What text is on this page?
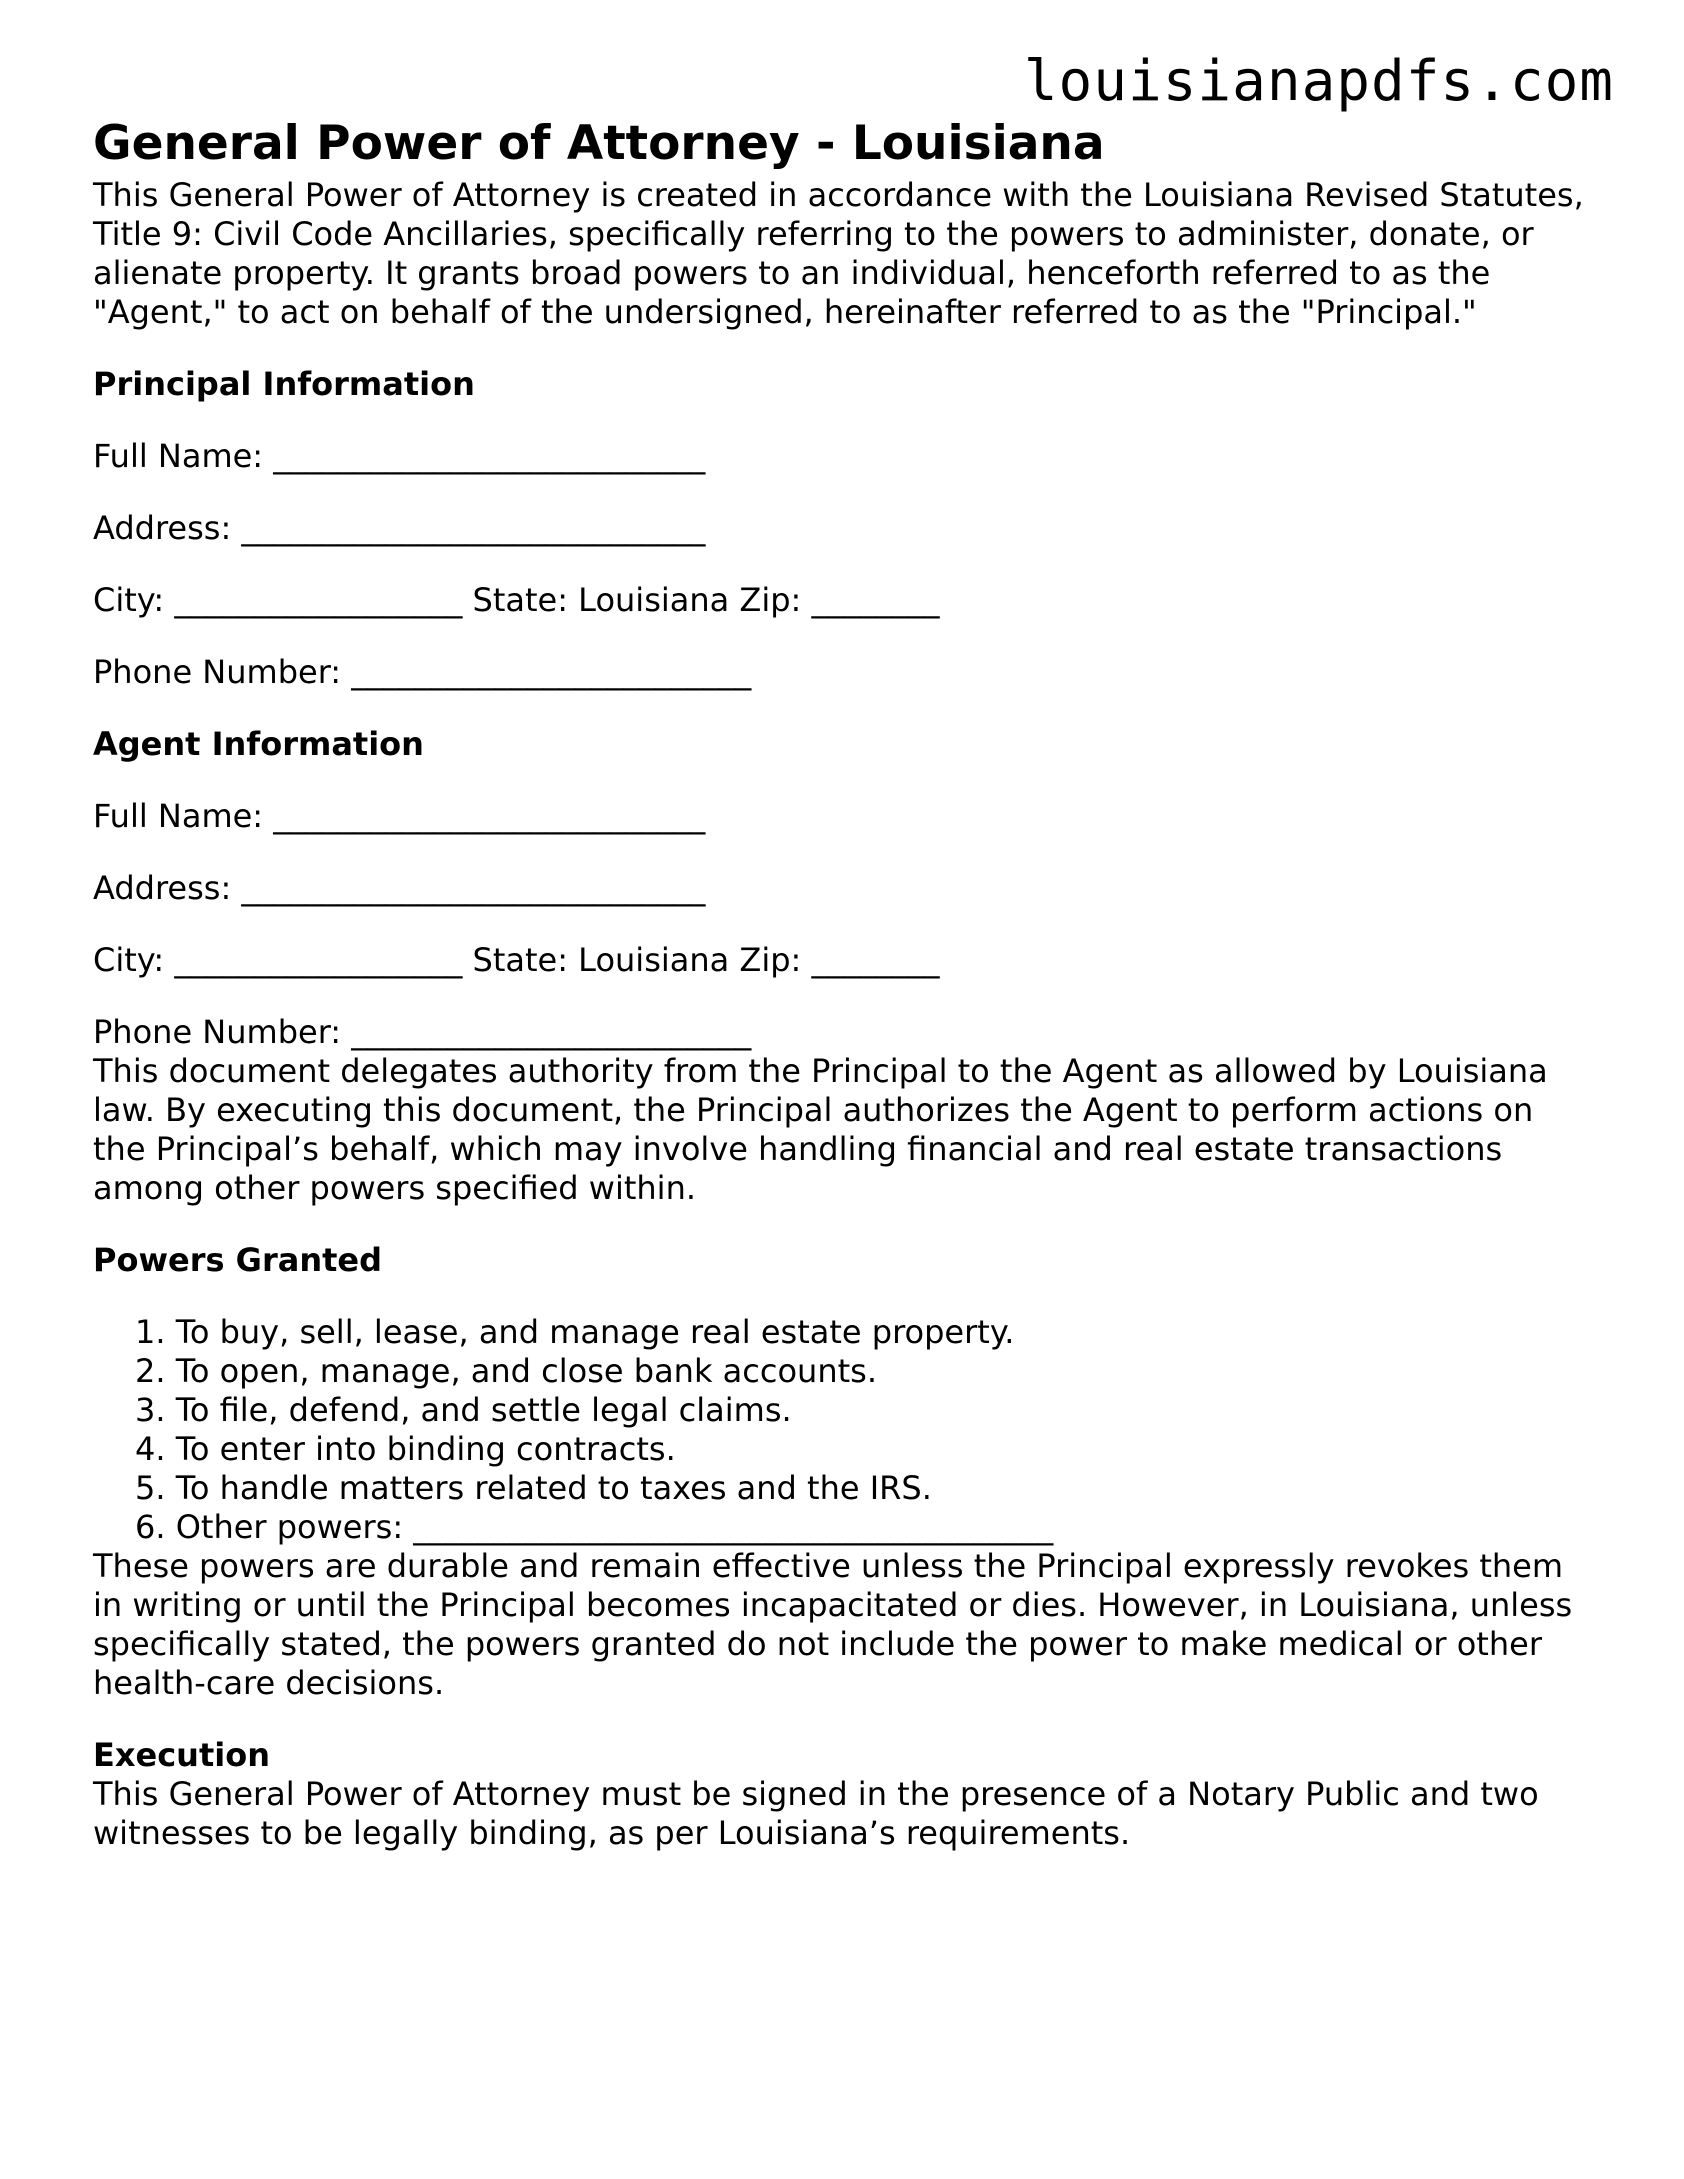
louisianapdfs.com
General Power of Attorney - Louisiana

This General Power of Attorney is created in accordance with the Louisiana Revised Statutes, Title 9: Civil Code Ancillaries, specifically referring to the powers to administer, donate, or alienate property. It grants broad powers to an individual, henceforth referred to as the "Agent," to act on behalf of the undersigned, hereinafter referred to as the "Principal."

Principal Information

Full Name: ___________________________

Address: _____________________________

City: __________________ State: Louisiana Zip: ________

Phone Number: _________________________

Agent Information

Full Name: ___________________________

Address: _____________________________

City: __________________ State: Louisiana Zip: ________

Phone Number: _________________________

This document delegates authority from the Principal to the Agent as allowed by Louisiana law. By executing this document, the Principal authorizes the Agent to perform actions on the Principal’s behalf, which may involve handling financial and real estate transactions among other powers specified within.

Powers Granted
1. To buy, sell, lease, and manage real estate property.
2. To open, manage, and close bank accounts.
3. To file, defend, and settle legal claims.
4. To enter into binding contracts.
5. To handle matters related to taxes and the IRS.
6. Other powers: ________________________________________

These powers are durable and remain effective unless the Principal expressly revokes them in writing or until the Principal becomes incapacitated or dies. However, in Louisiana, unless specifically stated, the powers granted do not include the power to make medical or other health-care decisions.

Execution

This General Power of Attorney must be signed in the presence of a Notary Public and two witnesses to be legally binding, as per Louisiana’s requirements.
